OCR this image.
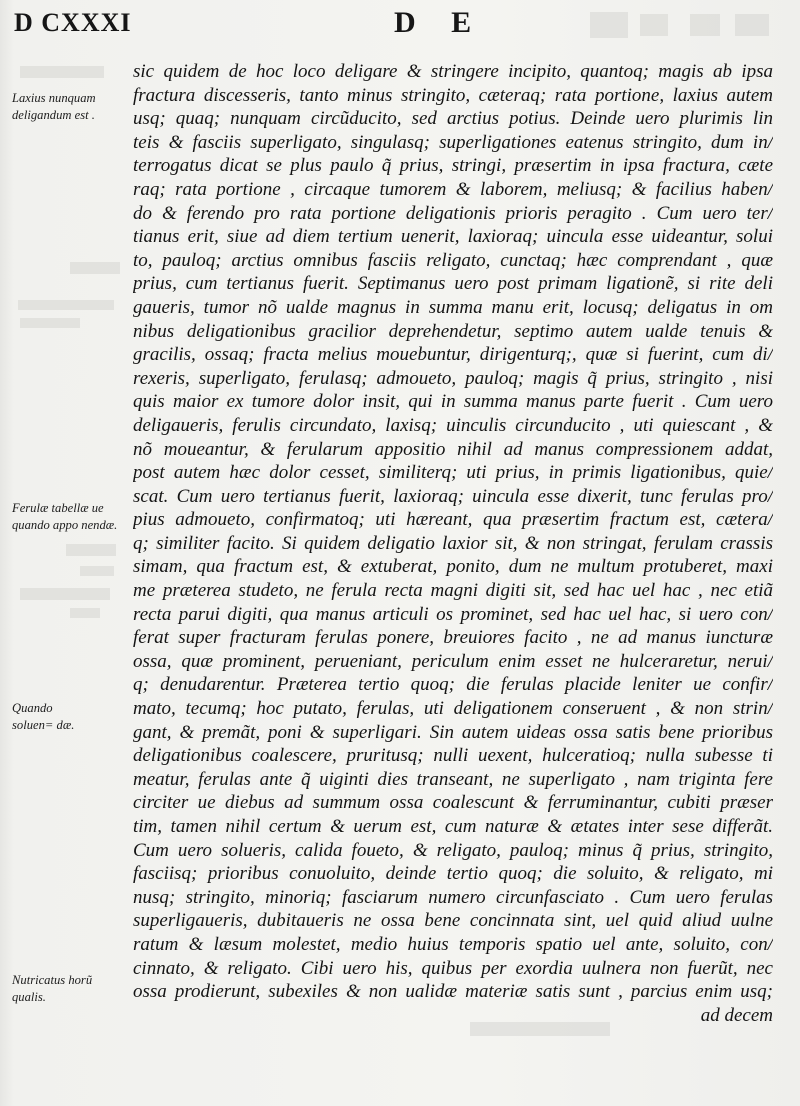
D CXXXI	D E
Laxius nunquam deligandum est .
Ferulæ tabellæ ue quando appo nendæ.
Quando soluen= dæ.
Nutricatus horũ qualis.
sic quidem de hoc loco deligare & stringere incipito, quantoq; magis ab ipsa
fractura discesseris, tanto minus stringito, cæteraq; rata portione, laxius autem
usq; quaq; nunquam circũducito, sed arctius potius. Deinde uero plurimis lin
teis & fasciis superligato, singulasq; superligationes eatenus stringito, dum in/
terrogatus dicat se plus paulo q̃ prius, stringi, præsertim in ipsa fractura, cæte
raq; rata portione , circaque tumorem & laborem, meliusq; & facilius haben/
do & ferendo pro rata portione deligationis prioris peragito . Cum uero ter/
tianus erit, siue ad diem tertium uenerit, laxioraq; uincula esse uideantur, solui
to, pauloq; arctius omnibus fasciis religato, cunctaq; hæc comprendant , quæ
prius, cum tertianus fuerit. Septimanus uero post primam ligationẽ, si rite deli
gaueris, tumor nõ ualde magnus in summa manu erit, locusq; deligatus in om
nibus deligationibus gracilior deprehendetur, septimo autem ualde tenuis &
gracilis, ossaq; fracta melius mouebuntur, dirigenturq;, quæ si fuerint, cum di/
rexeris, superligato, ferulasq; admoueto, pauloq; magis q̃ prius, stringito , nisi
quis maior ex tumore dolor insit, qui in summa manus parte fuerit . Cum uero
deligaueris, ferulis circundato, laxisq; uinculis circunducito , uti quiescant , &
nõ moueantur, & ferularum appositio nihil ad manus compressionem addat,
post autem hæc dolor cesset, similiterq; uti prius, in primis ligationibus, quie/
scat. Cum uero tertianus fuerit, laxioraq; uincula esse dixerit, tunc ferulas pro/
pius admoueto, confirmatoq; uti hæreant, qua præsertim fractum est, cætera/
q; similiter facito. Si quidem deligatio laxior sit, & non stringat, ferulam crassis
simam, qua fractum est, & extuberat, ponito, dum ne multum protuberet, maxi
me præterea studeto, ne ferula recta magni digiti sit, sed hac uel hac , nec etiã
recta parui digiti, qua manus articuli os prominet, sed hac uel hac, si uero con/
ferat super fracturam ferulas ponere, breuiores facito , ne ad manus iuncturæ
ossa, quæ prominent, perueniant, periculum enim esset ne hulceraretur, nerui/
q; denudarentur. Præterea tertio quoq; die ferulas placide leniter ue confir/
mato, tecumq; hoc putato, ferulas, uti deligationem conseruent , & non strin/
gant, & premãt, poni & superligari. Sin autem uideas ossa satis bene prioribus
deligationibus coalescere, pruritusq; nulli uexent, hulceratioq; nulla subesse ti
meatur, ferulas ante q̃ uiginti dies transeant, ne superligato , nam triginta fere
circiter ue diebus ad summum ossa coalescunt & ferruminantur, cubiti præser
tim, tamen nihil certum & uerum est, cum naturæ & ætates inter sese differãt.
Cum uero solueris, calida foueto, & religato, pauloq; minus q̃ prius, stringito,
fasciisq; prioribus conuoluito, deinde tertio quoq; die soluito, & religato, mi
nusq; stringito, minoriq; fasciarum numero circunfasciato . Cum uero ferulas
superligaueris, dubitaueris ne ossa bene concinnata sint, uel quid aliud uulne
ratum & læsum molestet, medio huius temporis spatio uel ante, soluito, con/
cinnato, & religato. Cibi uero his, quibus per exordia uulnera non fuerũt, nec
ossa prodierunt, subexiles & non ualidæ materiæ satis sunt , parcius enim usq;
ad decem
